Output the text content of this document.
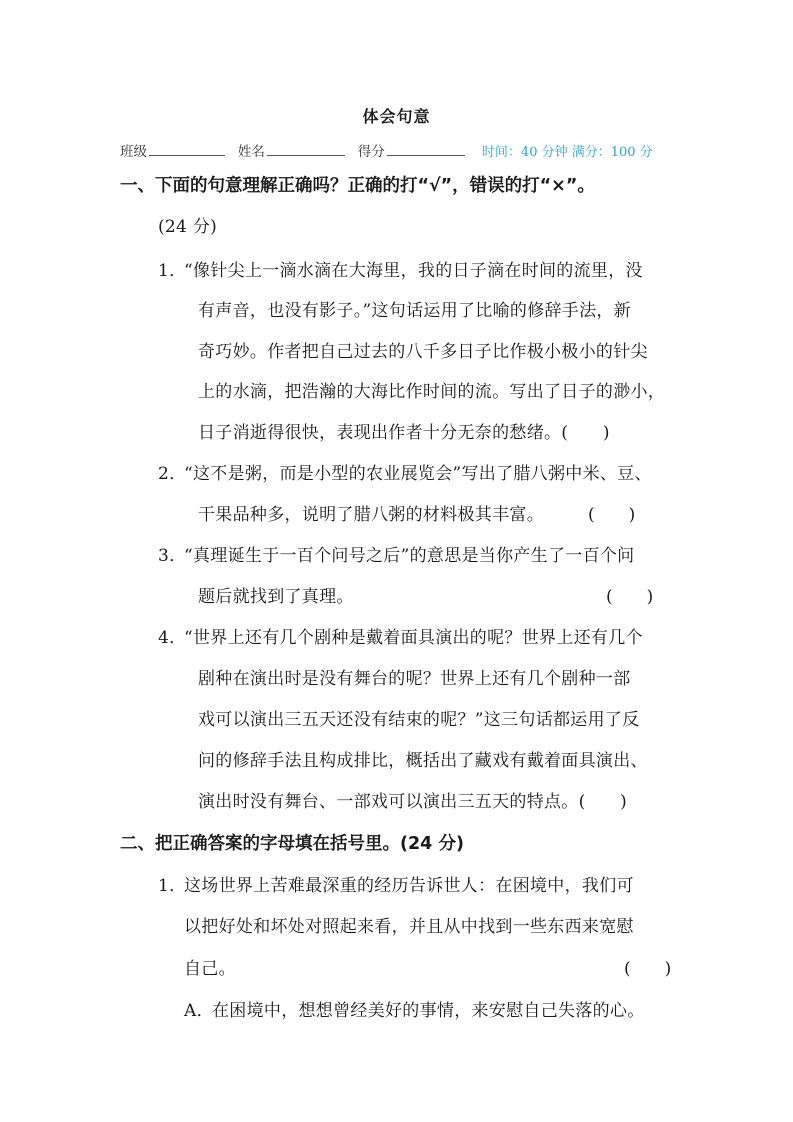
体会句意
班级	姓名	得分	时间：40 分钟 满分：100 分
一、下面的句意理解正确吗？正确的打“√”，错误的打“×”。
(24 分)
1．
“像针尖上一滴水滴在大海里，我的日子滴在时间的流里，没
有声音，也没有影子。”这句话运用了比喻的修辞手法，新
奇巧妙。作者把自己过去的八千多日子比作极小极小的针尖
上的水滴，把浩瀚的大海比作时间的流。写出了日子的渺小，
日子消逝得很快，表现出作者十分无奈的愁绪。(　　)
2．
“这不是粥，而是小型的农业展览会”写出了腊八粥中米、豆、
干果品种多，说明了腊八粥的材料极其丰富。	(　　)
3．
“真理诞生于一百个问号之后”的意思是当你产生了一百个问
题后就找到了真理。	(　　)
4．
“世界上还有几个剧种是戴着面具演出的呢？世界上还有几个
剧种在演出时是没有舞台的呢？世界上还有几个剧种一部
戏可以演出三五天还没有结束的呢？”这三句话都运用了反
问的修辞手法且构成排比，概括出了藏戏有戴着面具演出、
演出时没有舞台、一部戏可以演出三五天的特点。(　　)
二、把正确答案的字母填在括号里。(24 分)
1．
这场世界上苦难最深重的经历告诉世人：在困境中，我们可
以把好处和坏处对照起来看，并且从中找到一些东西来宽慰
自己。	(　　)
A．
在困境中，想想曾经美好的事情，来安慰自己失落的心。
